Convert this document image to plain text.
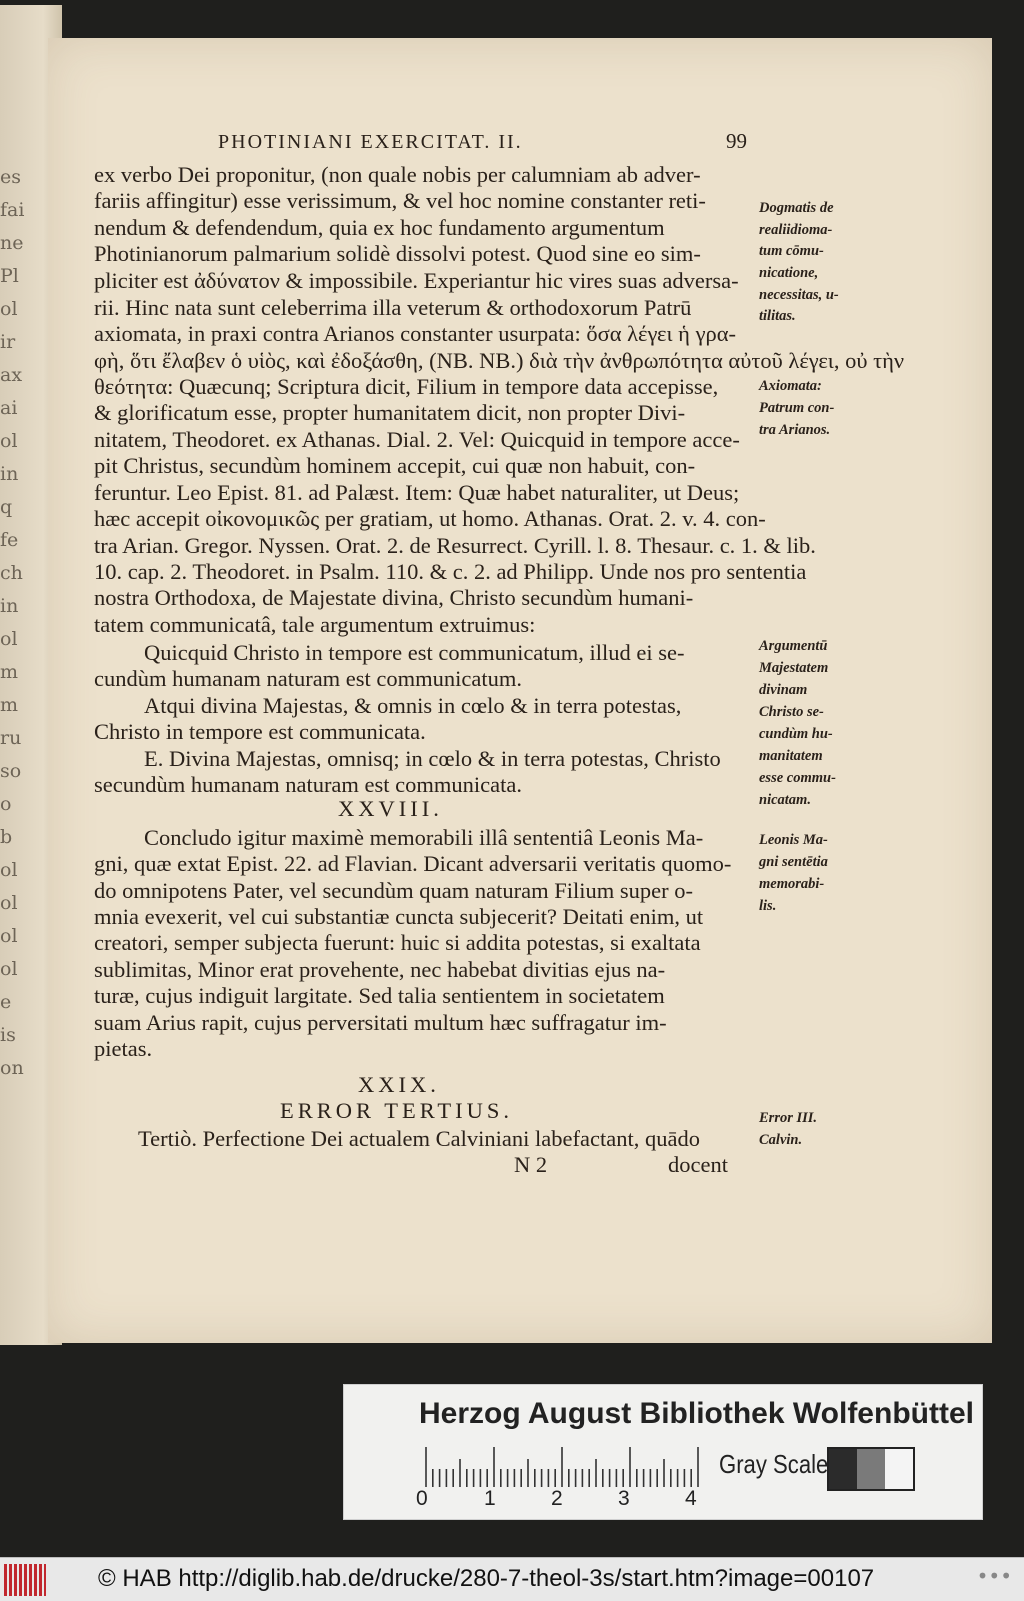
PHOTINIANI EXERCITAT. II.	99
ex verbo Dei proponitur, (non quale nobis per calumniam ab adver-
fariis affingitur) esse verissimum, & vel hoc nomine constanter reti-
nendum & defendendum, quia ex hoc fundamento argumentum
Photinianorum palmarium solidè dissolvi potest. Quod sine eo sim-
pliciter est ἀδύνατον & impossibile. Experiantur hic vires suas adversa-
rii. Hinc nata sunt celeberrima illa veterum & orthodoxorum Patrū
axiomata, in praxi contra Arianos constanter usurpata: ὅσα λέγει ἡ γρα-
φὴ, ὅτι ἔλαβεν ὁ υἱὸς, καὶ ἐδοξάσθη, (NB. NB.) διὰ τὴν ἀνθρωπότητα αὐτοῦ λέγει, οὐ τὴν
θεότητα: Quæcunq; Scriptura dicit, Filium in tempore data accepisse,
& glorificatum esse, propter humanitatem dicit, non propter Divi-
nitatem, Theodoret. ex Athanas. Dial. 2. Vel: Quicquid in tempore acce-
pit Christus, secundùm hominem accepit, cui quæ non habuit, con-
feruntur. Leo Epist. 81. ad Palæst. Item: Quæ habet naturaliter, ut Deus;
hæc accepit οἰκονομικῶς per gratiam, ut homo. Athanas. Orat. 2. v. 4. con-
tra Arian. Gregor. Nyssen. Orat. 2. de Resurrect. Cyrill. l. 8. Thesaur. c. 1. & lib.
10. cap. 2. Theodoret. in Psalm. 110. & c. 2. ad Philipp. Unde nos pro sententia
nostra Orthodoxa, de Majestate divina, Christo secundùm humani-
tatem communicatâ, tale argumentum extruimus:
Quicquid Christo in tempore est communicatum, illud ei se-
cundùm humanam naturam est communicatum.
Atqui divina Majestas, & omnis in cœlo & in terra potestas,
Christo in tempore est communicata.
E. Divina Majestas, omnisq; in cœlo & in terra potestas, Christo
secundùm humanam naturam est communicata.
XXVIII.
Concludo igitur maximè memorabili illâ sententiâ Leonis Ma-
gni, quæ extat Epist. 22. ad Flavian. Dicant adversarii veritatis quomo-
do omnipotens Pater, vel secundùm quam naturam Filium super o-
mnia evexerit, vel cui substantiæ cuncta subjecerit? Deitati enim, ut
creatori, semper subjecta fuerunt: huic si addita potestas, si exaltata
sublimitas, Minor erat provehente, nec habebat divitias ejus na-
turæ, cujus indiguit largitate. Sed talia sentientem in societatem
suam Arius rapit, cujus perversitati multum hæc suffragatur im-
pietas.
XXIX.
ERROR TERTIUS.
Tertiò. Perfectione Dei actualem Calviniani labefactant, quādo
N 2	docent
Dogmatis de
realiidioma-
tum cōmu-
nicatione,
necessitas, u-
tilitas.
Axiomata:
Patrum con-
tra Arianos.
Argumentū
Majestatem
divinam
Christo se-
cundùm hu-
manitatem
esse commu-
nicatam.
Leonis Ma-
gni sentētia
memorabi-
lis.
Error III.
Calvin.
Herzog August Bibliothek Wolfenbüttel
0	1	2	3	4
Gray Scale
© HAB http://diglib.hab.de/drucke/280-7-theol-3s/start.htm?image=00107	•••
es
fai
ne
Pl
ol
ir
ax
ai
ol
in
q
fe
ch
in
ol
m
m
ru
so
o
b
ol
ol
ol
ol
e
is
on
